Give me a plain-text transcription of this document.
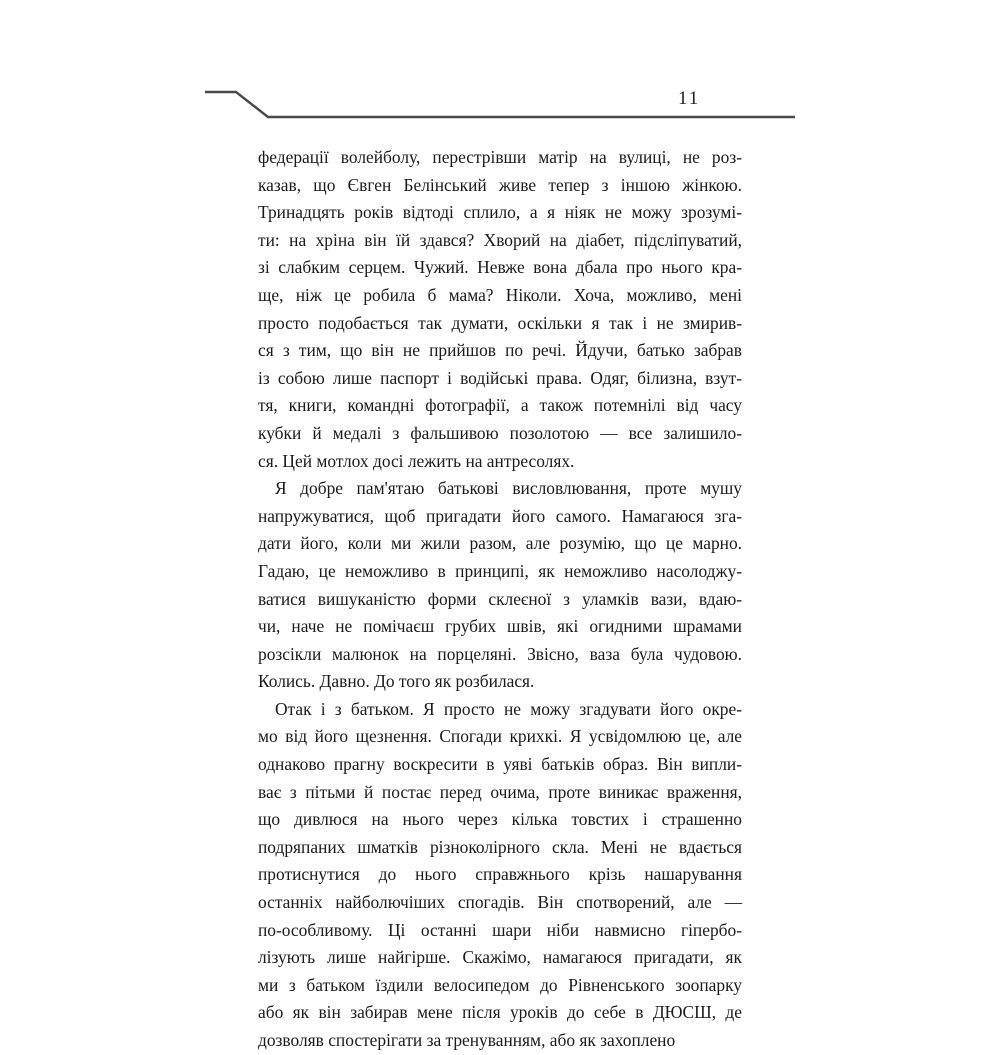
11
федерації волейболу, перестрівши матір на вулиці, не роз-
казав, що Євген Белінський живе тепер з іншою жінкою.
Тринадцять років відтоді сплило, а я ніяк не можу зрозумі-
ти: на хріна він їй здався? Хворий на діабет, підсліпуватий,
зі слабким серцем. Чужий. Невже вона дбала про нього кра-
ще, ніж це робила б мама? Ніколи. Хоча, можливо, мені
просто подобається так думати, оскільки я так і не змирив-
ся з тим, що він не прийшов по речі. Йдучи, батько забрав
із собою лише паспорт і водійські права. Одяг, білизна, взут-
тя, книги, командні фотографії, а також потемнілі від часу
кубки й медалі з фальшивою позолотою — все залишило-
ся. Цей мотлох досі лежить на антресолях.
Я добре пам'ятаю батькові висловлювання, проте мушу
напружуватися, щоб пригадати його самого. Намагаюся зга-
дати його, коли ми жили разом, але розумію, що це марно.
Гадаю, це неможливо в принципі, як неможливо насолоджу-
ватися вишуканістю форми склеєної з уламків вази, вдаю-
чи, наче не помічаєш грубих швів, які огидними шрамами
розсікли малюнок на порцеляні. Звісно, ваза була чудовою.
Колись. Давно. До того як розбилася.
Отак і з батьком. Я просто не можу згадувати його окре-
мо від його щезнення. Спогади крихкі. Я усвідомлюю це, але
однаково прагну воскресити в уяві батьків образ. Він випли-
ває з пітьми й постає перед очима, проте виникає враження,
що дивлюся на нього через кілька товстих і страшенно
подряпаних шматків різноколірного скла. Мені не вдається
протиснутися до нього справжнього крізь нашарування
останніх найболючіших спогадів. Він спотворений, але —
по-особливому. Ці останні шари ніби навмисно гіпербо-
лізують лише найгірше. Скажімо, намагаюся пригадати, як
ми з батьком їздили велосипедом до Рівненського зоопарку
або як він забирав мене після уроків до себе в ДЮСШ, де
дозволяв спостерігати за тренуванням, або як захоплено
